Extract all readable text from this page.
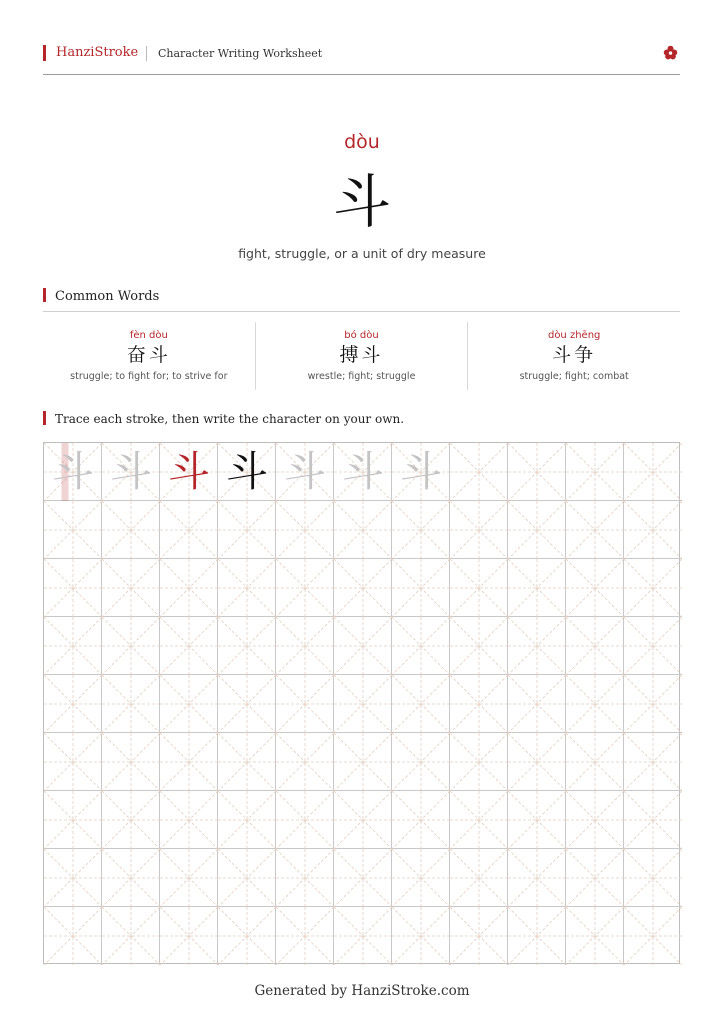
HanziStroke Character Writing Worksheet
dòu
斗
fight, struggle, or a unit of dry measure
Common Words
fèn dòu
奋斗
struggle; to fight for; to strive for
bó dòu
搏斗
wrestle; fight; struggle
dòu zhēng
斗争
struggle; fight; combat
Trace each stroke, then write the character on your own.
斗 斗 斗 斗 斗 斗 斗
Generated by HanziStroke.com
